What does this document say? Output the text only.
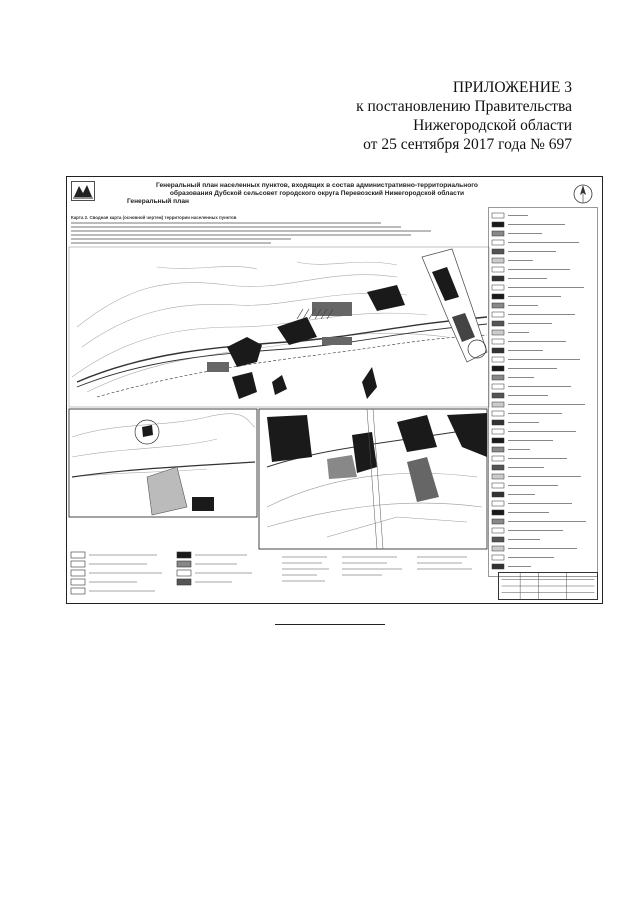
ПРИЛОЖЕНИЕ 3
к постановлению Правительства
Нижегородской области
от 25 сентября 2017 года № 697
Генеральный план населенных пунктов, входящих в состав административно-территориального
образования Дубской сельсовет городского округа Перевозский Нижегородской области
Генеральный план
Карта 2. Сводная карта (основной чертеж) территории населенных пунктов
